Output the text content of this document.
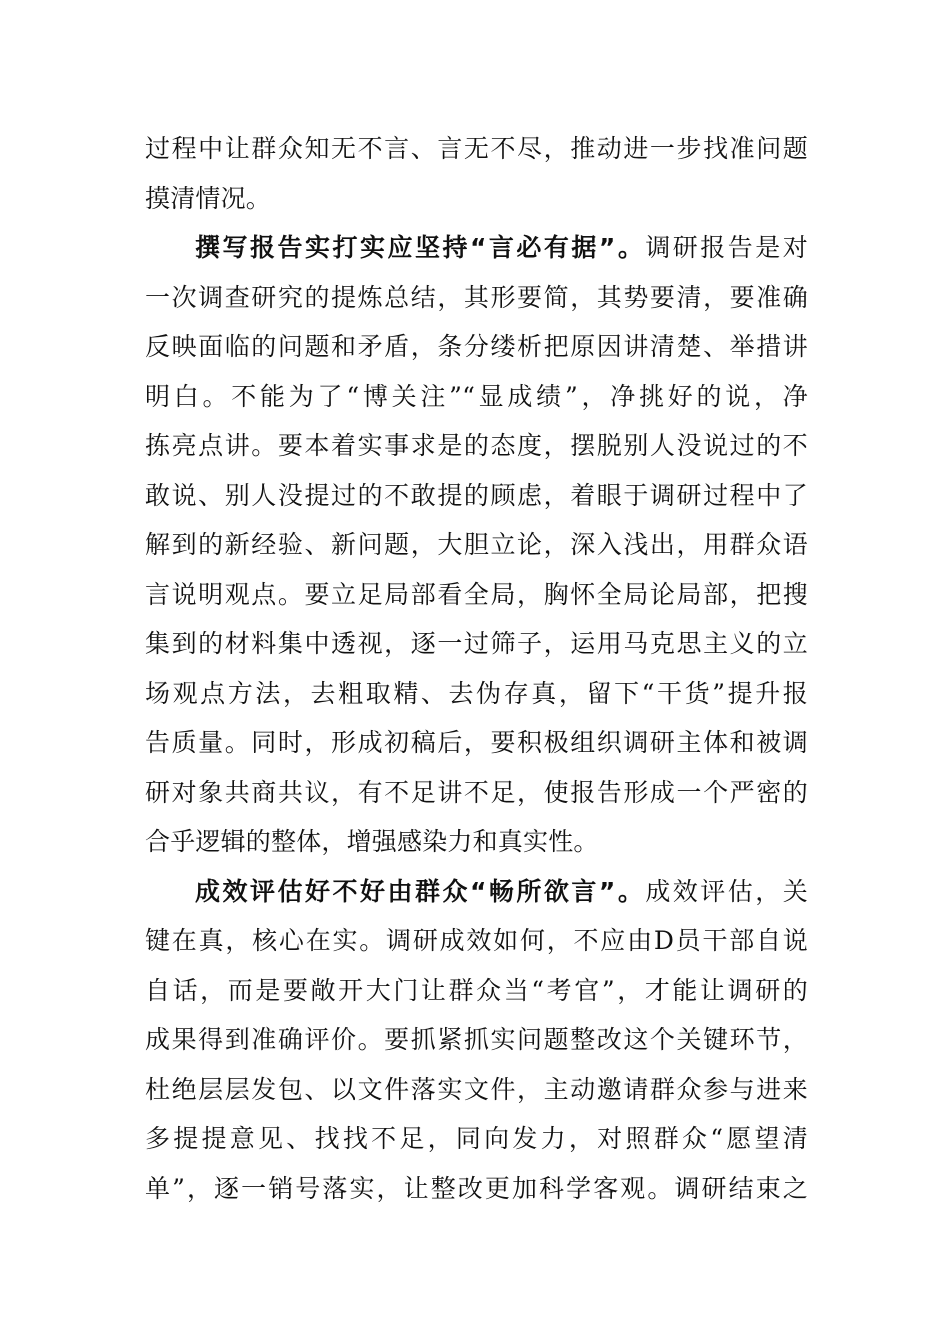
过程中让群众知无不言、言无不尽，推动进一步找准问题
摸清情况。
撰写报告实打实应坚持“言必有据”。调研报告是对
一次调查研究的提炼总结，其形要简，其势要清，要准确
反映面临的问题和矛盾，条分缕析把原因讲清楚、举措讲
明白。不能为了“博关注”“显成绩”，净挑好的说，净
拣亮点讲。要本着实事求是的态度，摆脱别人没说过的不
敢说、别人没提过的不敢提的顾虑，着眼于调研过程中了
解到的新经验、新问题，大胆立论，深入浅出，用群众语
言说明观点。要立足局部看全局，胸怀全局论局部，把搜
集到的材料集中透视，逐一过筛子，运用马克思主义的立
场观点方法，去粗取精、去伪存真，留下“干货”提升报
告质量。同时，形成初稿后，要积极组织调研主体和被调
研对象共商共议，有不足讲不足，使报告形成一个严密的
合乎逻辑的整体，增强感染力和真实性。
成效评估好不好由群众“畅所欲言”。成效评估，关
键在真，核心在实。调研成效如何，不应由D员干部自说
自话，而是要敞开大门让群众当“考官”，才能让调研的
成果得到准确评价。要抓紧抓实问题整改这个关键环节，
杜绝层层发包、以文件落实文件，主动邀请群众参与进来
多提提意见、找找不足，同向发力，对照群众“愿望清
单”，逐一销号落实，让整改更加科学客观。调研结束之
